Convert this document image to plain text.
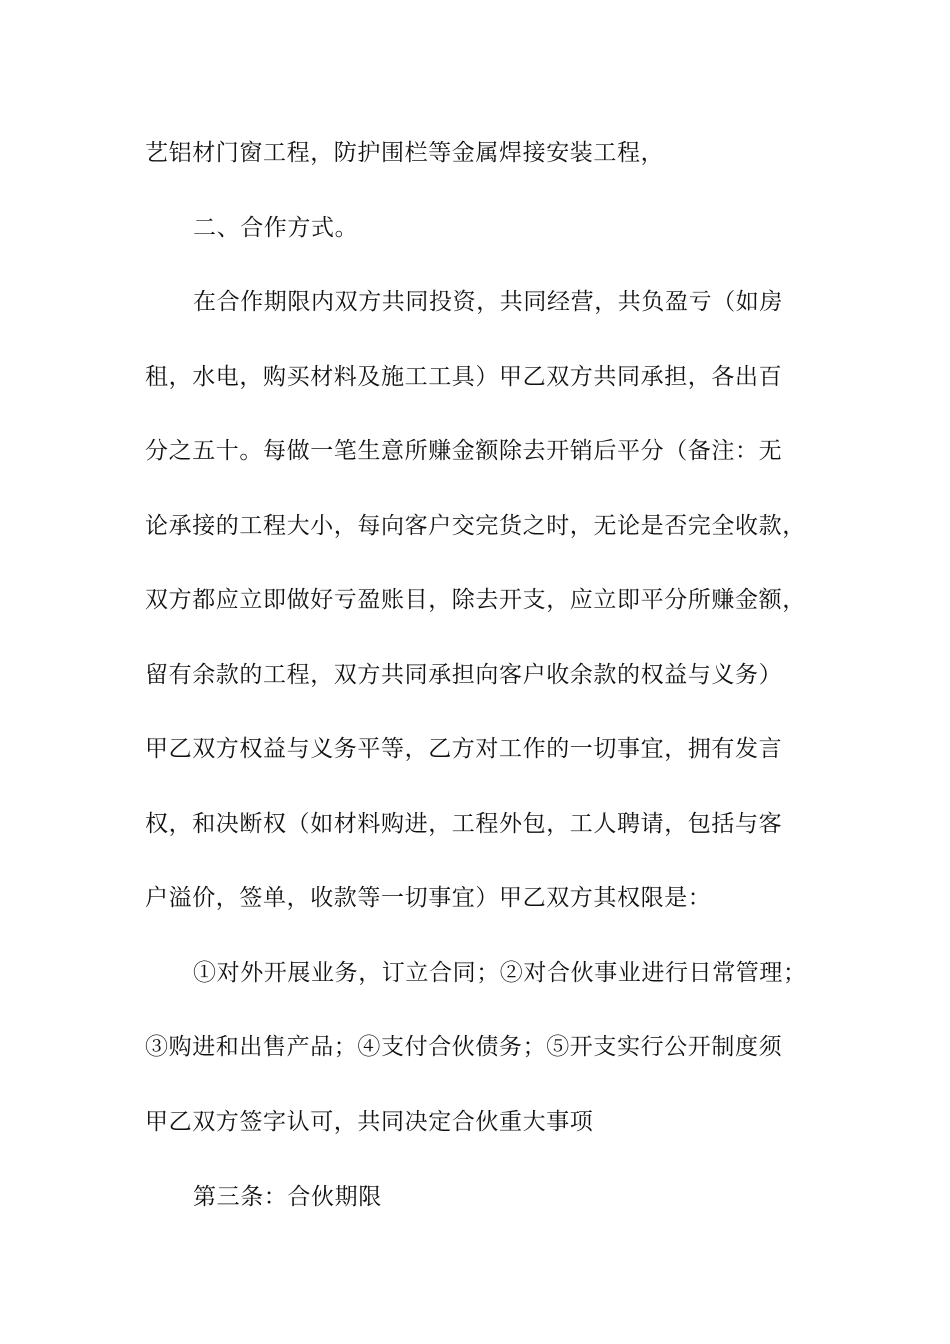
艺铝材门窗工程，防护围栏等金属焊接安装工程，
二、合作方式。
在合作期限内双方共同投资，共同经营，共负盈亏（如房
租，水电，购买材料及施工工具）甲乙双方共同承担，各出百
分之五十。每做一笔生意所赚金额除去开销后平分（备注：无
论承接的工程大小，每向客户交完货之时，无论是否完全收款，
双方都应立即做好亏盈账目，除去开支，应立即平分所赚金额，
留有余款的工程，双方共同承担向客户收余款的权益与义务）
甲乙双方权益与义务平等，乙方对工作的一切事宜，拥有发言
权，和决断权（如材料购进，工程外包，工人聘请，包括与客
户溢价，签单，收款等一切事宜）甲乙双方其权限是：
①对外开展业务，订立合同；②对合伙事业进行日常管理；
③购进和出售产品；④支付合伙债务；⑤开支实行公开制度须
甲乙双方签字认可，共同决定合伙重大事项
第三条：合伙期限
